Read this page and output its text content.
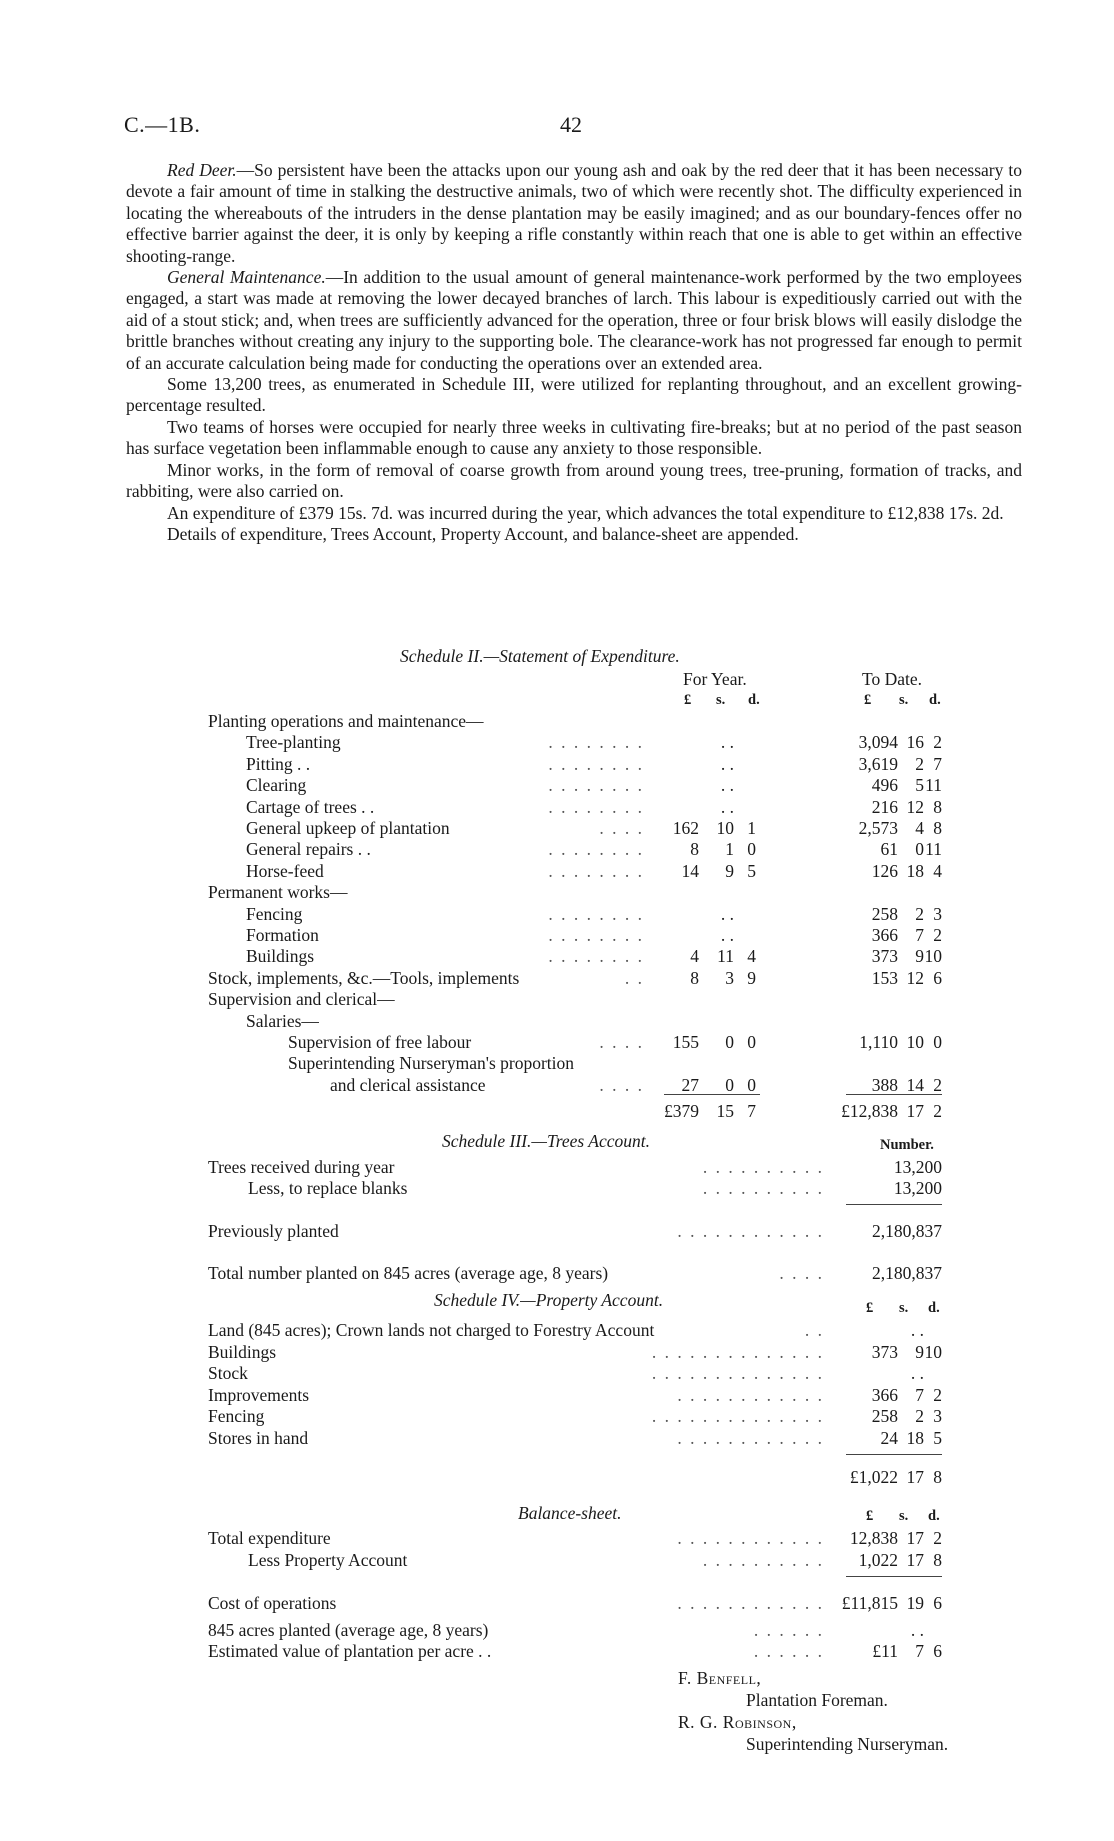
C.—1B.	42

Red Deer.—So persistent have been the attacks upon our young ash and oak by the red deer that it has been necessary to devote a fair amount of time in stalking the destructive animals, two of which were recently shot. The difficulty experienced in locating the whereabouts of the intruders in the dense plantation may be easily imagined; and as our boundary-fences offer no effective barrier against the deer, it is only by keeping a rifle constantly within reach that one is able to get within an effective shooting-range.

General Maintenance.—In addition to the usual amount of general maintenance-work performed by the two employees engaged, a start was made at removing the lower decayed branches of larch. This labour is expeditiously carried out with the aid of a stout stick; and, when trees are sufficiently advanced for the operation, three or four brisk blows will easily dislodge the brittle branches without creating any injury to the supporting bole. The clearance-work has not progressed far enough to permit of an accurate calculation being made for conducting the operations over an extended area.

Some 13,200 trees, as enumerated in Schedule III, were utilized for replanting throughout, and an excellent growing-percentage resulted.

Two teams of horses were occupied for nearly three weeks in cultivating fire-breaks; but at no period of the past season has surface vegetation been inflammable enough to cause any anxiety to those responsible.

Minor works, in the form of removal of coarse growth from around young trees, tree-pruning, formation of tracks, and rabbiting, were also carried on.

An expenditure of £379 15s. 7d. was incurred during the year, which advances the total expenditure to £12,838 17s. 2d.

Details of expenditure, Trees Account, Property Account, and balance-sheet are appended.

Schedule II.—Statement of Expenditure.
For Year.	To Date.
£ s. d.	£ s. d.
Planting operations and maintenance—
Tree-planting	. . . . . . . .	. .	3,094 16 2
Pitting . .	. . . . . . . .	. .	3,619 2 7
Clearing	. . . . . . . .	. .	496 5 11
Cartage of trees . .	. . . . . . . .	. .	216 12 8
General upkeep of plantation	. . . . 162 10 1	2,573 4 8
General repairs . .	. . . . . . . .	8 1 0	61 0 11
Horse-feed	. . . . . . . . 14 9 5	126 18 4
Permanent works—
Fencing	. . . . . . . .	. .	258 2 3
Formation	. . . . . . . .	. .	366 7 2
Buildings	. . . . . . . .	4 11 4	373 9 10
Stock, implements, &c.—Tools, implements	. .	8 3 9	153 12 6
Supervision and clerical—
Salaries—
Supervision of free labour	. . . . 155 0 0	1,110 10 0
Superintending Nurseryman's proportion
and clerical assistance	. . . . 27 0 0	388 14 2
£379 15 7	£12,838 17 2
Schedule III.—Trees Account.	Number.
Trees received during year	. . . . . . . . . .	13,200
Less, to replace blanks	. . . . . . . . . .	13,200
Previously planted	. . . . . . . . . . . .	2,180,837
Total number planted on 845 acres (average age, 8 years)	. . . .	2,180,837
Schedule IV.—Property Account.	£ s. d.
Land (845 acres); Crown lands not charged to Forestry Account	. .	. .
Buildings	. . . . . . . . . . . . . .	373 9 10
Stock	. . . . . . . . . . . . . .	. .
Improvements	. . . . . . . . . . . .	366 7 2
Fencing	. . . . . . . . . . . . . .	258 2 3
Stores in hand	. . . . . . . . . . . .	24 18 5
£1,022 17 8
Balance-sheet.	£ s. d.
Total expenditure	. . . . . . . . . . . . 12,838 17 2
Less Property Account	. . . . . . . . . . 1,022 17 8
Cost of operations	. . . . . . . . . . . . £11,815 19 6
845 acres planted (average age, 8 years)	. . . . . .	. .
Estimated value of plantation per acre . .	. . . . . .	£11 7 6
F. Benfell,
Plantation Foreman.
R. G. Robinson,
Superintending Nurseryman.
